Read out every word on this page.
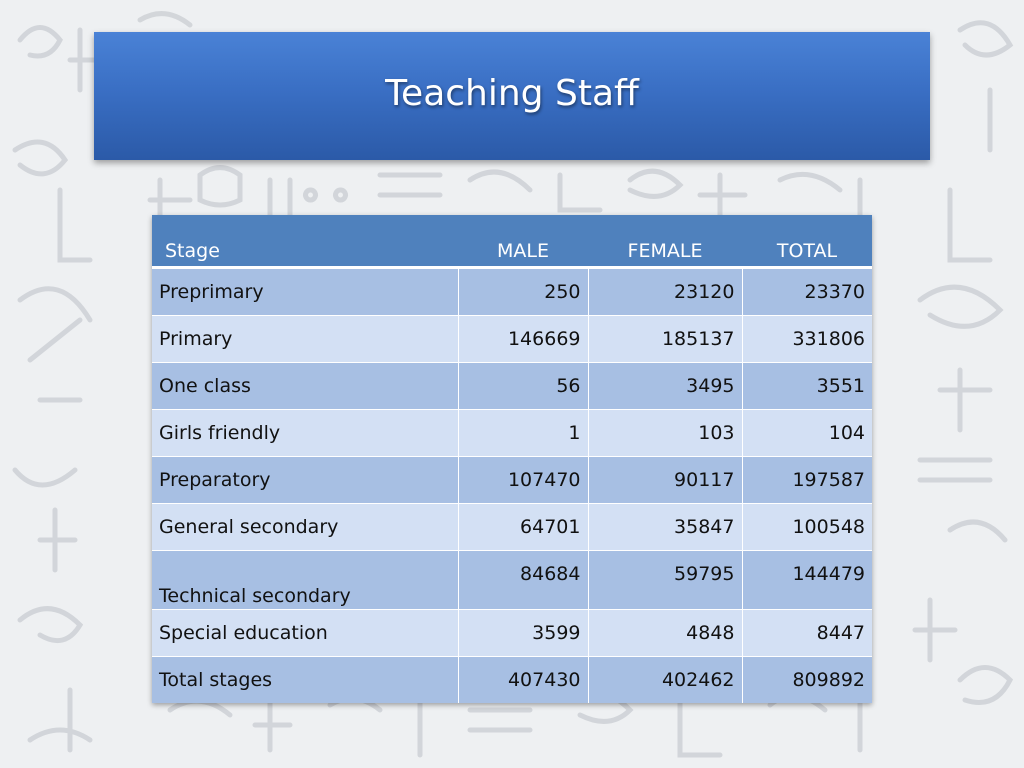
Teaching Staff
Stage	MALE	FEMALE	TOTAL
Preprimary	250	23120	23370
Primary	146669	185137	331806
One class	56	3495	3551
Girls friendly	1	103	104
Preparatory	107470	90117	197587
General secondary	64701	35847	100548
Technical secondary	84684	59795	144479
Special education	3599	4848	8447
Total stages	407430	402462	809892
